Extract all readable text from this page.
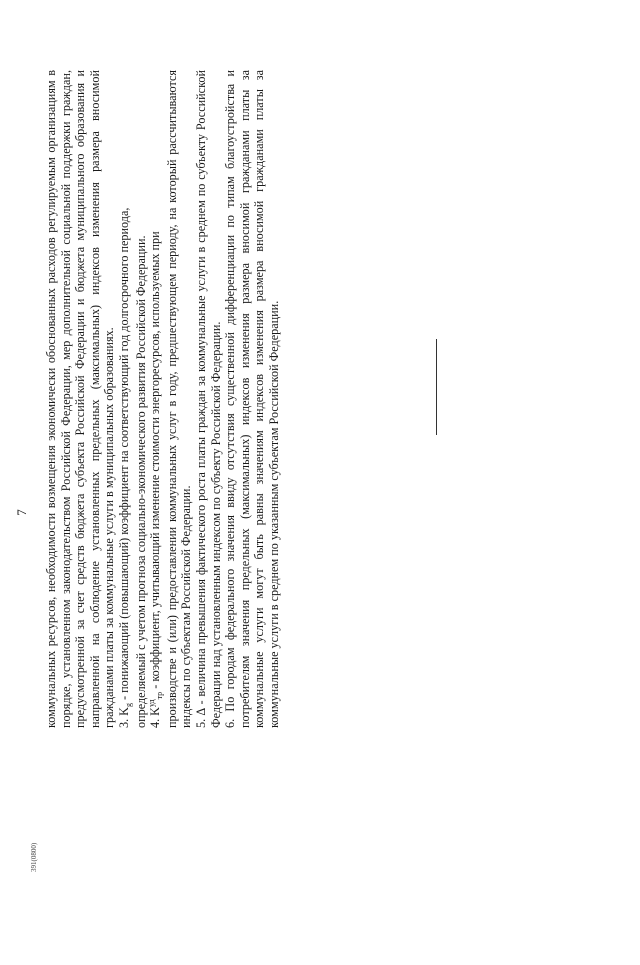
7 коммунальных ресурсов, необходимости возмещения экономически обоснованных расходов регулируемым организациям в порядке, установленном законодательством Российской Федерации, мер дополнительной социальной поддержки граждан, предусмотренной за счет средств бюджета субъекта Российской Федерации и бюджета муниципального образования и направленной на соблюдение установленных предельных (максимальных) индексов изменения размера вносимой гражданами платы за коммунальные услуги в муниципальных образованиях. 3. $K_g$ - понижающий (повышающий) коэффициент на соответствующий год долгосрочного периода, определяемый с учетом прогноза социально-экономического развития Российской Федерации. 4. K$^{уд}_{тр}$ - коэффициент, учитывающий изменение стоимости энергоресурсов, используемых при производстве и (или) предоставлении коммунальных услуг в году, предшествующем периоду, на который рассчитываются индексы по субъектам Российской Федерации. 5. Δ - величина превышения фактического роста платы граждан за коммунальные услуги в среднем по субъекту Российской Федерации над установленным индексом по субъекту Российской Федерации. 6. По городам федерального значения ввиду отсутствия существенной дифференциации по типам благоустройства и потребителям значения предельных (максимальных) индексов изменения размера вносимой гражданами платы за коммунальные услуги могут быть равны значениям индексов изменения размера вносимой гражданами платы за коммунальные услуги в среднем по указанным субъектам Российской Федерации.

391(0800)
